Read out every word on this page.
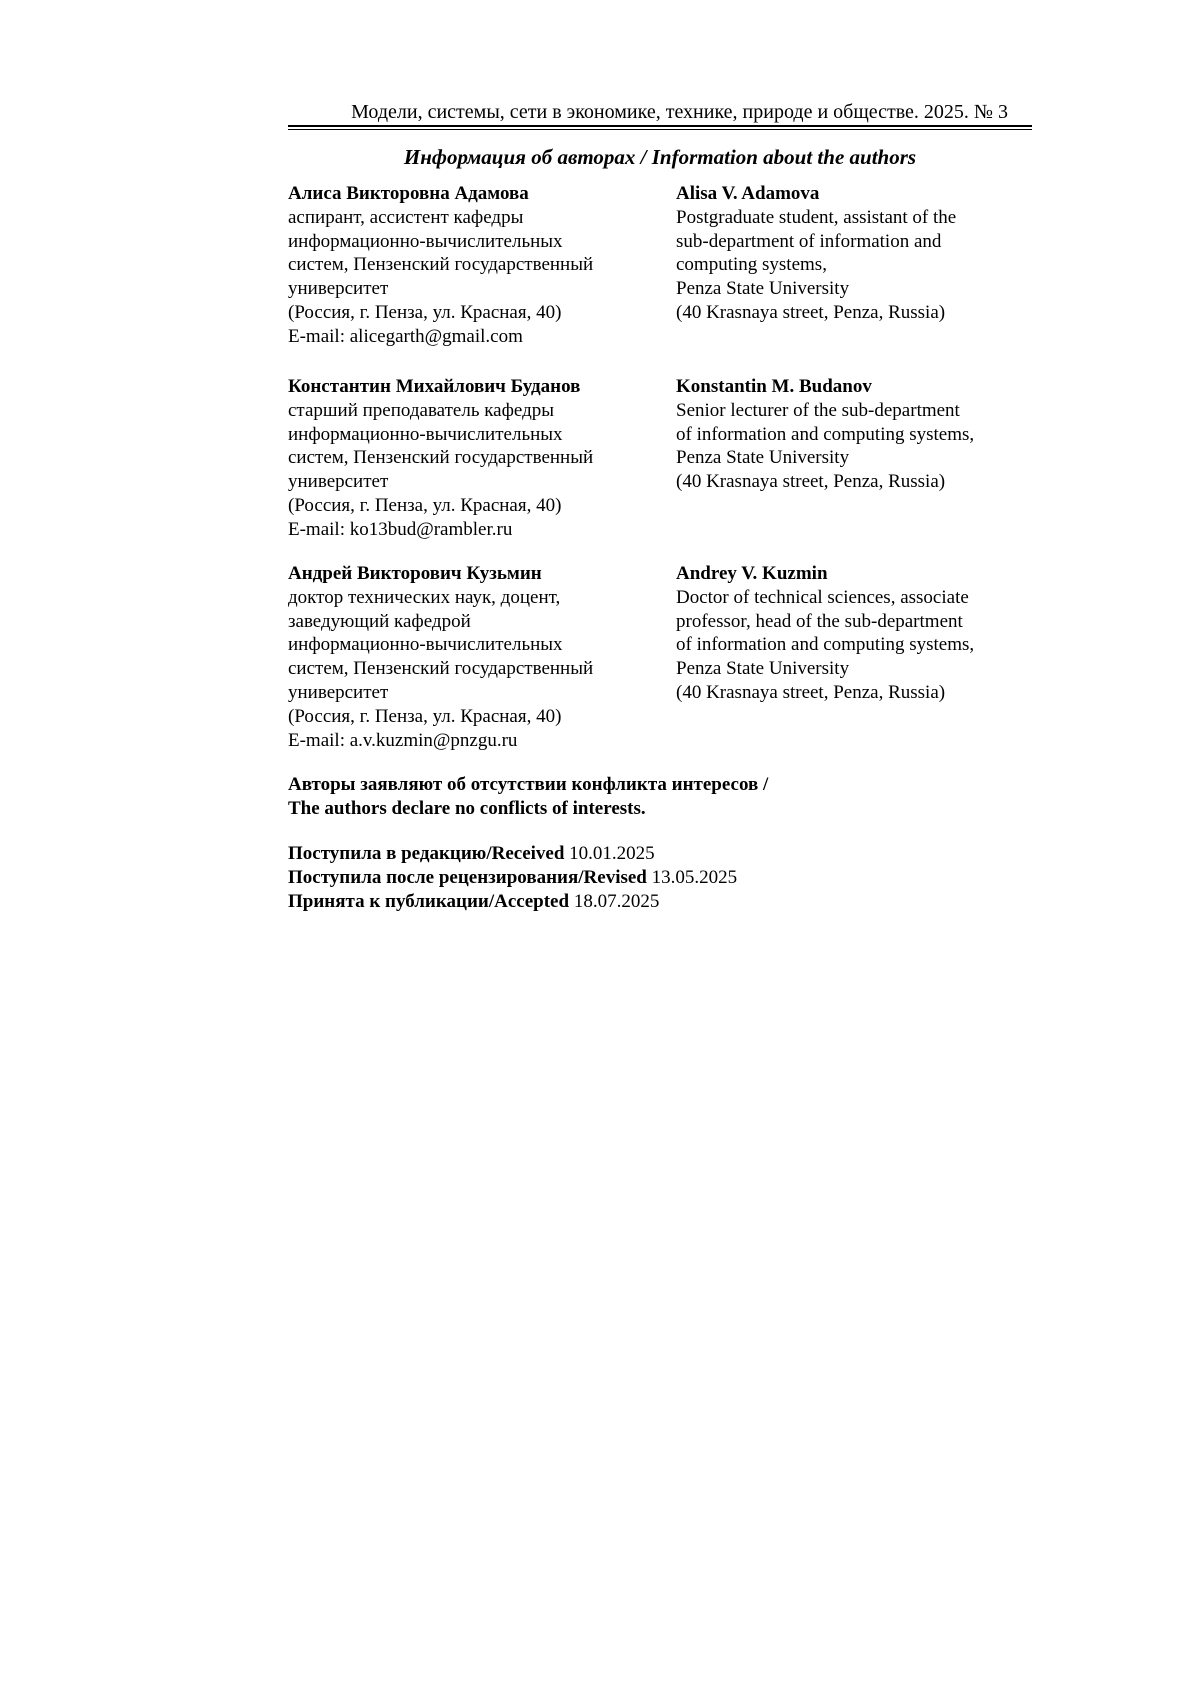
Модели, системы, сети в экономике, технике, природе и обществе. 2025. № 3
Информация об авторах / Information about the authors
Алиса Викторовна Адамова
аспирант, ассистент кафедры
информационно-вычислительных
систем, Пензенский государственный
университет
(Россия, г. Пенза, ул. Красная, 40)
E-mail: alicegarth@gmail.com
Alisa V. Adamova
Postgraduate student, assistant of the
sub-department of information and
computing systems,
Penza State University
(40 Krasnaya street, Penza, Russia)
Константин Михайлович Буданов
старший преподаватель кафедры
информационно-вычислительных
систем, Пензенский государственный
университет
(Россия, г. Пенза, ул. Красная, 40)
E-mail: ko13bud@rambler.ru
Konstantin M. Budanov
Senior lecturer of the sub-department
of information and computing systems,
Penza State University
(40 Krasnaya street, Penza, Russia)
Андрей Викторович Кузьмин
доктор технических наук, доцент,
заведующий кафедрой
информационно-вычислительных
систем, Пензенский государственный
университет
(Россия, г. Пенза, ул. Красная, 40)
E-mail: a.v.kuzmin@pnzgu.ru
Andrey V. Kuzmin
Doctor of technical sciences, associate
professor, head of the sub-department
of information and computing systems,
Penza State University
(40 Krasnaya street, Penza, Russia)
Авторы заявляют об отсутствии конфликта интересов /
The authors declare no conflicts of interests.
Поступила в редакцию/Received 10.01.2025
Поступила после рецензирования/Revised 13.05.2025
Принята к публикации/Accepted 18.07.2025
